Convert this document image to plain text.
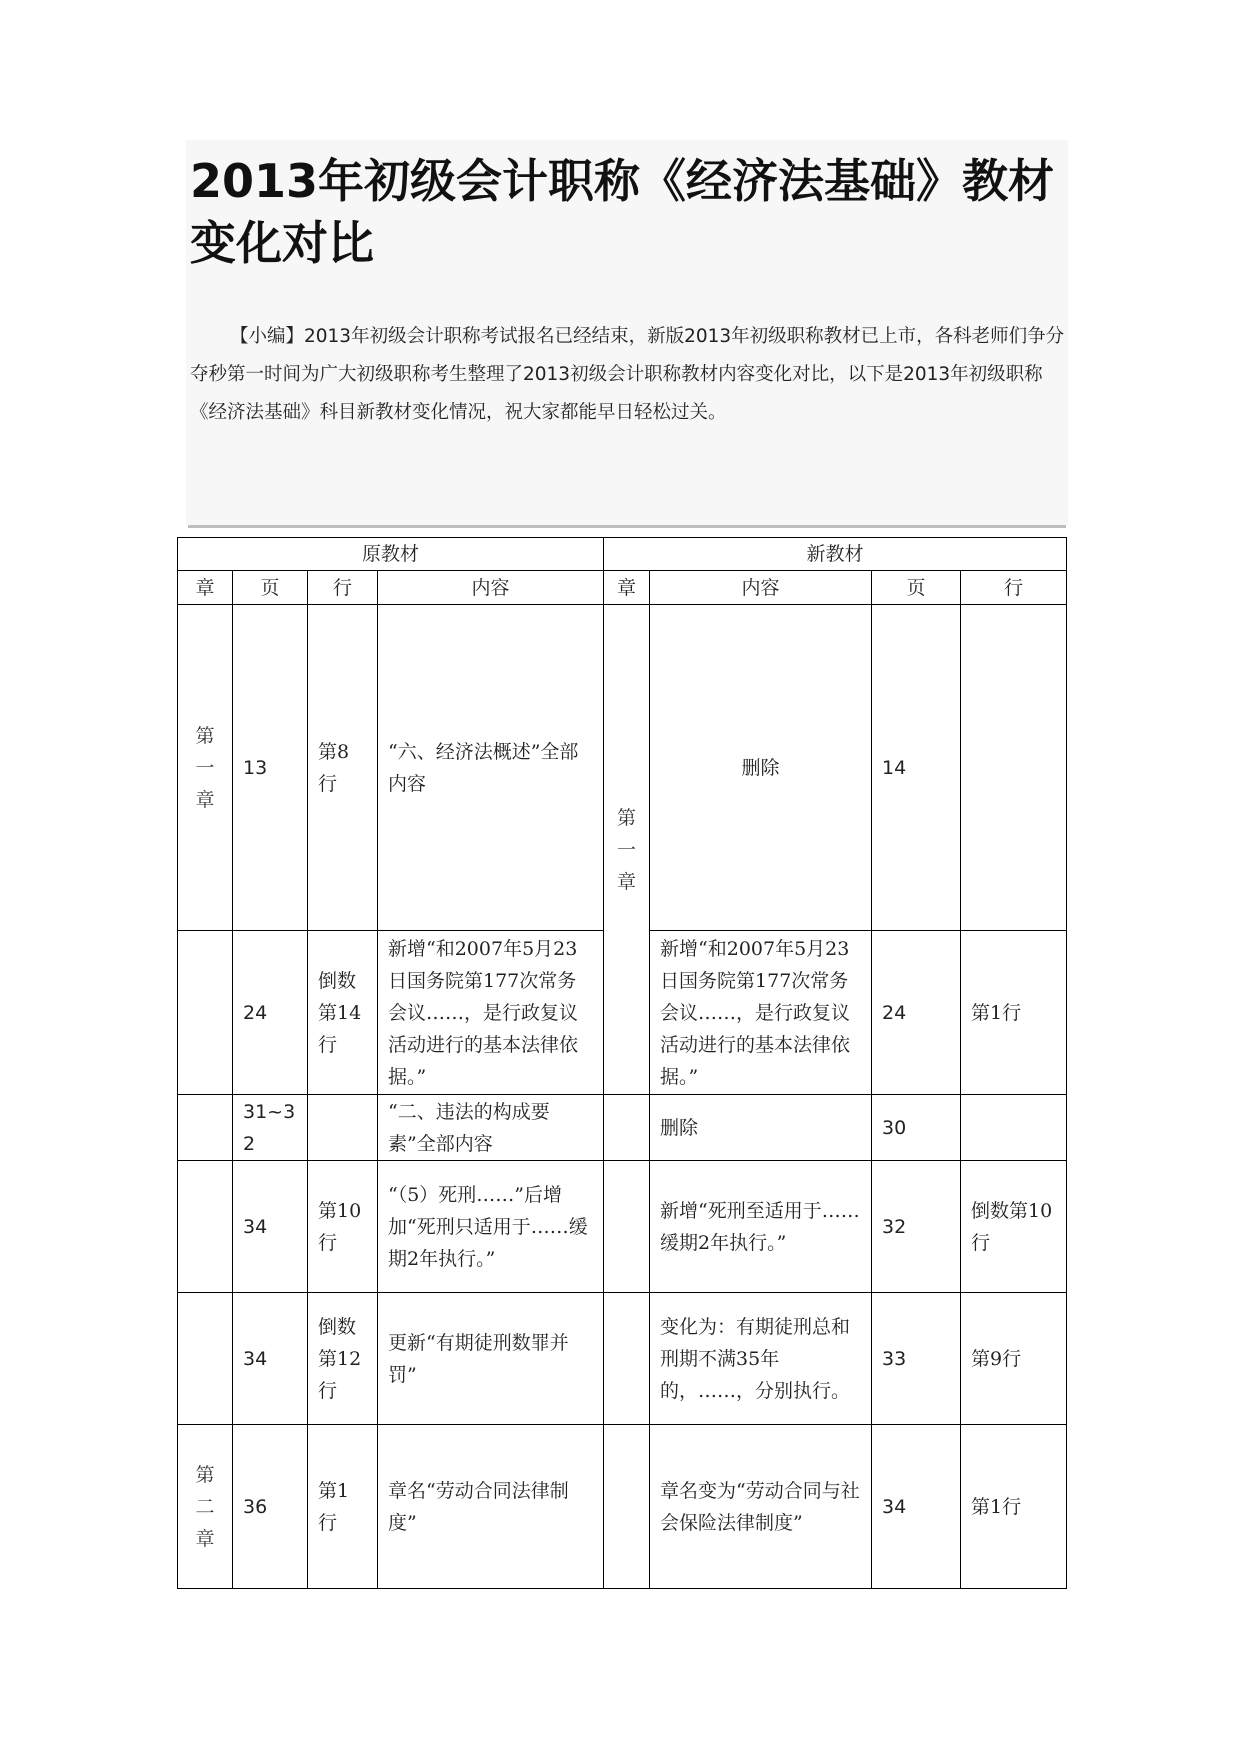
2013年初级会计职称《经济法基础》教材变化对比

【小编】2013年初级会计职称考试报名已经结束，新版2013年初级职称教材已上市，各科老师们争分夺秒第一时间为广大初级职称考生整理了2013初级会计职称教材内容变化对比，以下是2013年初级职称《经济法基础》科目新教材变化情况，祝大家都能早日轻松过关。

原教材				新教材			
章	页	行	内容	章	内容	页	行
第一章	13	第8行	“六、经济法概述”全部内容	第一章	删除	14	
	24	倒数第14行	新增“和2007年5月23日国务院第177次常务会议……，是行政复议活动进行的基本法律依据。”		新增“和2007年5月23日国务院第177次常务会议……，是行政复议活动进行的基本法律依据。”	24	第1行
	31~32		“二、违法的构成要素”全部内容		删除	30	
	34	第10行	“（5）死刑……”后增加“死刑只适用于……缓期2年执行。”		新增“死刑至适用于……缓期2年执行。”	32	倒数第10行
	34	倒数第12行	更新“有期徒刑数罪并罚”		变化为：有期徒刑总和刑期不满35年的，……，分别执行。	33	第9行
第二章	36	第1行	章名“劳动合同法律制度”		章名变为“劳动合同与社会保险法律制度”	34	第1行
